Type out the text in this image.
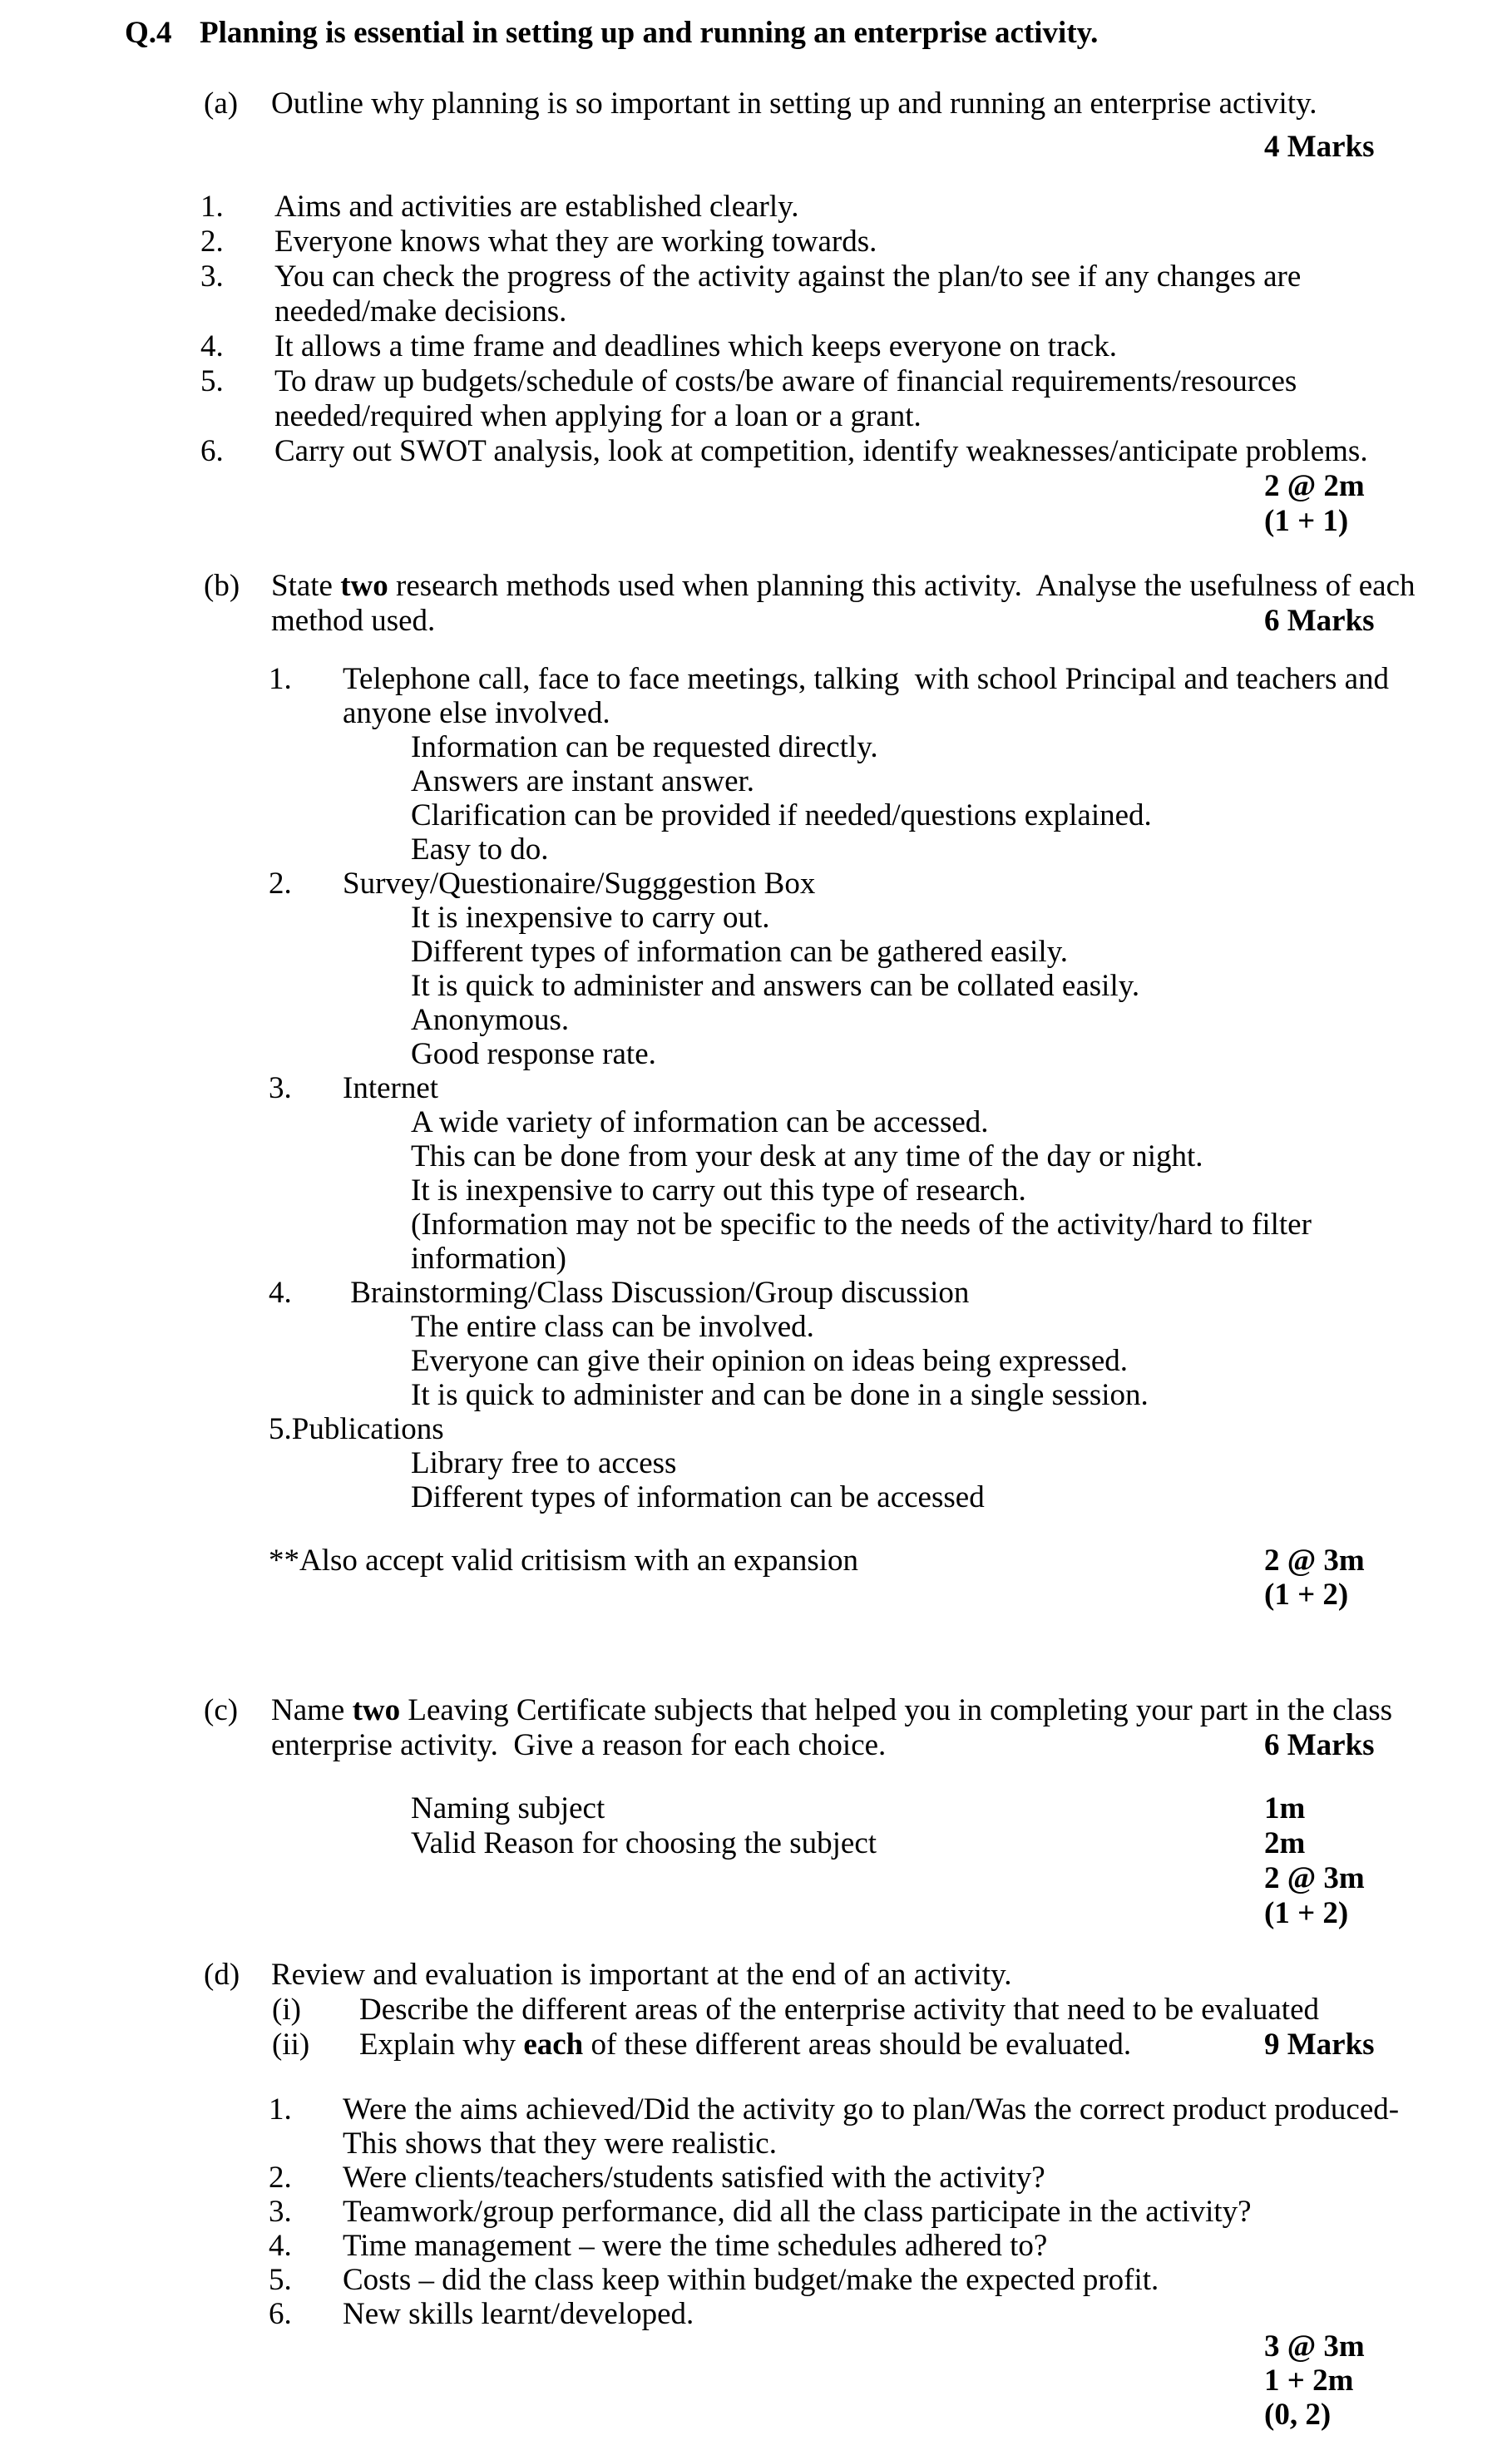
Q.4 Planning is essential in setting up and running an enterprise activity.
(a) Outline why planning is so important in setting up and running an enterprise activity.
4 Marks
1. Aims and activities are established clearly.
2. Everyone knows what they are working towards.
3. You can check the progress of the activity against the plan/to see if any changes are
needed/make decisions.
4. It allows a time frame and deadlines which keeps everyone on track.
5. To draw up budgets/schedule of costs/be aware of financial requirements/resources
needed/required when applying for a loan or a grant.
6. Carry out SWOT analysis, look at competition, identify weaknesses/anticipate problems.
2 @ 2m
(1 + 1)
(b) State two research methods used when planning this activity.  Analyse the usefulness of each
method used.	6 Marks
1. Telephone call, face to face meetings, talking  with school Principal and teachers and
anyone else involved.
Information can be requested directly.
Answers are instant answer.
Clarification can be provided if needed/questions explained.
Easy to do.
2. Survey/Questionaire/Sugggestion Box
It is inexpensive to carry out.
Different types of information can be gathered easily.
It is quick to administer and answers can be collated easily.
Anonymous.
Good response rate.
3. Internet
A wide variety of information can be accessed.
This can be done from your desk at any time of the day or night.
It is inexpensive to carry out this type of research.
(Information may not be specific to the needs of the activity/hard to filter
information)
4. Brainstorming/Class Discussion/Group discussion
The entire class can be involved.
Everyone can give their opinion on ideas being expressed.
It is quick to administer and can be done in a single session.
5.Publications
Library free to access
Different types of information can be accessed
**Also accept valid critisism with an expansion	2 @ 3m
(1 + 2)
(c) Name two Leaving Certificate subjects that helped you in completing your part in the class
enterprise activity.  Give a reason for each choice.	6 Marks
Naming subject	1m
Valid Reason for choosing the subject	2m
2 @ 3m
(1 + 2)
(d) Review and evaluation is important at the end of an activity.
(i) Describe the different areas of the enterprise activity that need to be evaluated
(ii) Explain why each of these different areas should be evaluated.	9 Marks
1. Were the aims achieved/Did the activity go to plan/Was the correct product produced-
This shows that they were realistic.
2. Were clients/teachers/students satisfied with the activity?
3. Teamwork/group performance, did all the class participate in the activity?
4. Time management – were the time schedules adhered to?
5. Costs – did the class keep within budget/make the expected profit.
6. New skills learnt/developed.
3 @ 3m
1 + 2m
(0, 2)
